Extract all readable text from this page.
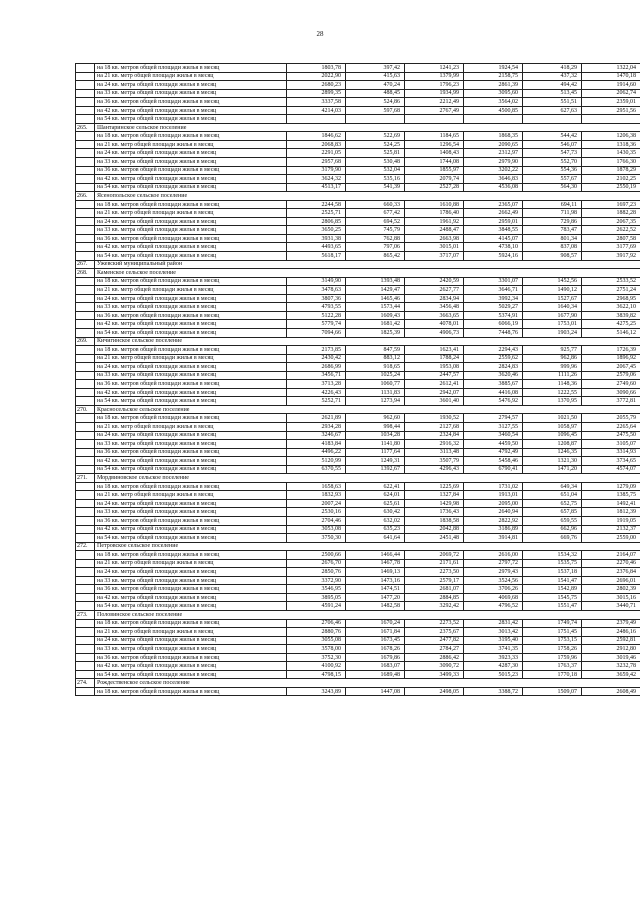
28
	на 18 кв. метров общей площади жилья в месяц	1803,78	397,42	1241,23	1924,54	418,29	1322,04
	на 21 кв. метр общей площади жилья в месяц	2022,90	415,63	1379,99	2158,75	437,32	1470,18
	на 24 кв. метра общей площади жилья в месяц	2680,23	470,24	1796,23	2861,39	494,42	1914,60
	на 33 кв. метра общей площади жилья в месяц	2899,35	488,45	1934,99	3095,60	513,45	2062,74
	на 36 кв. метров общей площади жилья в месяц	3337,58	524,86	2212,49	3564,02	551,51	2359,01
	на 42 кв. метра общей площади жилья в месяц	4214,03	597,68	2767,49	4500,85	627,63	2951,56
	на 54 кв. метра общей площади жилья в месяц						
265.	Шантаринское сельское поселение						
	на 18 кв. метров общей площади жилья в месяц	1846,62	522,69	1184,65	1868,35	544,42	1206,38
	на 21 кв. метр общей площади жилья в месяц	2068,83	524,25	1296,54	2090,65	546,07	1318,36
	на 24 кв. метра общей площади жилья в месяц	2291,05	525,81	1408,43	2312,97	547,73	1430,35
	на 33 кв. метра общей площади жилья в месяц	2957,68	530,48	1744,08	2979,90	552,70	1766,30
	на 36 кв. метров общей площади жилья в месяц	3179,90	532,04	1855,97	3202,22	554,36	1878,29
	на 42 кв. метра общей площади жилья в месяц	3624,32	535,16	2079,74	3646,83	557,67	2102,25
	на 54 кв. метра общей площади жилья в месяц	4513,17	541,39	2527,28	4536,08	564,30	2550,19
266.	Ясенопольское сельское поселение						
	на 18 кв. метров общей площади жилья в месяц	2244,58	660,33	1610,88	2365,07	694,11	1697,23
	на 21 кв. метр общей площади жилья в месяц	2525,71	677,42	1786,40	2662,49	711,98	1882,28
	на 24 кв. метра общей площади жилья в месяц	2806,85	694,52	1961,92	2959,01	729,86	2067,35
	на 33 кв. метра общей площади жилья в месяц	3650,25	745,79	2488,47	3848,55	783,47	2622,52
	на 36 кв. метров общей площади жилья в месяц	3931,38	762,88	2663,98	4145,07	801,34	2807,58
	на 42 кв. метра общей площади жилья в месяц	4493,65	797,06	3015,01	4738,10	837,08	3177,69
	на 54 кв. метра общей площади жилья в месяц	5618,17	865,42	3717,07	5924,16	908,57	3917,92
267.	Ужевский муниципальный район						
268.	Каменское сельское поселение						
	на 18 кв. метров общей площади жилья в месяц	3149,90	1393,48	2420,59	3301,07	1452,56	2533,52
	на 21 кв. метр общей площади жилья в месяц	3478,63	1429,47	2627,77	3646,71	1490,12	2751,24
	на 24 кв. метра общей площади жилья в месяц	3807,36	1465,46	2834,94	3992,34	1527,67	2968,95
	на 33 кв. метра общей площади жилья в месяц	4793,55	1573,44	3456,48	5029,27	1640,34	3622,10
	на 36 кв. метров общей площади жилья в месяц	5122,28	1609,43	3663,65	5374,91	1677,90	3839,82
	на 42 кв. метра общей площади жилья в месяц	5779,74	1681,42	4078,01	6066,19	1753,01	4275,25
	на 54 кв. метра общей площади жилья в месяц	7094,66	1825,39	4906,73	7448,76	1903,24	5146,12
269.	Кичигинское сельское поселение						
	на 18 кв. метров общей площади жилья в месяц	2173,85	847,59	1623,41	2294,43	925,77	1726,39
	на 21 кв. метр общей площади жилья в месяц	2430,42	883,12	1788,24	2559,62	962,86	1896,92
	на 24 кв. метра общей площади жилья в месяц	2686,99	918,65	1953,08	2824,83	999,96	2067,45
	на 33 кв. метра общей площади жилья в месяц	3456,71	1025,24	2447,57	3620,46	1111,26	2579,06
	на 36 кв. метров общей площади жилья в месяц	3713,28	1060,77	2612,41	3885,67	1148,36	2749,60
	на 42 кв. метра общей площади жилья в месяц	4226,43	1131,83	2942,07	4416,08	1222,55	3090,66
	на 54 кв. метра общей площади жилья в месяц	5252,71	1273,94	3601,40	5476,92	1370,95	3772,81
270.	Красносельское сельское поселение						
	на 18 кв. метров общей площади жилья в месяц	2621,89	962,60	1930,52	2794,57	1021,50	2055,79
	на 21 кв. метр общей площади жилья в месяц	2934,28	998,44	2127,68	3127,55	1058,97	2265,64
	на 24 кв. метра общей площади жилья в месяц	3246,67	1034,28	2324,84	3460,54	1096,45	2475,50
	на 33 кв. метра общей площади жилья в месяц	4183,84	1141,80	2916,32	4459,50	1208,87	3105,07
	на 36 кв. метров общей площади жилья в месяц	4496,22	1177,64	3113,48	4792,49	1246,35	3314,93
	на 42 кв. метра общей площади жилья в месяц	5120,99	1249,31	3507,79	5458,46	1321,30	3734,65
	на 54 кв. метра общей площади жилья в месяц	6370,55	1392,67	4296,43	6790,41	1471,20	4574,07
271.	Мордвиновское сельское поселение						
	на 18 кв. метров общей площади жилья в месяц	1658,63	622,41	1225,69	1731,02	649,34	1279,09
	на 21 кв. метр общей площади жилья в месяц	1832,93	624,01	1327,84	1913,01	651,04	1385,75
	на 24 кв. метра общей площади жилья в месяц	2007,24	625,61	1429,98	2095,00	652,75	1492,41
	на 33 кв. метра общей площади жилья в месяц	2530,16	630,42	1736,43	2640,94	657,85	1812,39
	на 36 кв. метров общей площади жилья в месяц	2704,46	632,02	1838,58	2822,92	659,55	1919,05
	на 42 кв. метра общей площади жилья в месяц	3053,08	635,23	2042,88	3186,89	662,96	2132,37
	на 54 кв. метра общей площади жилья в месяц	3750,30	641,64	2451,48	3914,81	669,76	2559,00
272.	Петровское сельское поселение						
	на 18 кв. метров общей площади жилья в месяц	2500,66	1466,44	2069,72	2616,00	1534,32	2164,07
	на 21 кв. метр общей площади жилья в месяц	2676,70	1467,78	2171,61	2797,72	1535,75	2270,46
	на 24 кв. метра общей площади жилья в месяц	2850,76	1469,13	2273,50	2979,43	1537,18	2376,84
	на 33 кв. метра общей площади жилья в месяц	3372,90	1473,16	2579,17	3524,56	1541,47	2696,01
	на 36 кв. метров общей площади жилья в месяц	3546,95	1474,51	2681,07	3706,26	1542,89	2802,39
	на 42 кв. метра общей площади жилья в месяц	3895,05	1477,20	2884,85	4069,68	1545,75	3015,16
	на 54 кв. метра общей площади жилья в месяц	4591,24	1482,58	3292,42	4796,52	1551,47	3440,71
273.	Половинское сельское поселение						
	на 18 кв. метров общей площади жилья в месяц	2706,46	1670,24	2273,52	2831,42	1749,74	2379,49
	на 21 кв. метр общей площади жилья в месяц	2880,76	1671,84	2375,67	3013,42	1751,45	2486,16
	на 24 кв. метра общей площади жилья в месяц	3055,08	1673,45	2477,82	3195,40	1753,15	2592,81
	на 33 кв. метра общей площади жилья в месяц	3578,00	1678,26	2784,27	3741,35	1758,26	2912,80
	на 36 кв. метров общей площади жилья в месяц	3752,30	1679,86	2886,42	3923,33	1759,96	3019,46
	на 42 кв. метра общей площади жилья в месяц	4100,92	1683,07	3090,72	4287,30	1763,37	3232,78
	на 54 кв. метра общей площади жилья в месяц	4798,15	1689,48	3499,33	5015,23	1770,18	3659,42
274.	Рождественское сельское поселение						
	на 18 кв. метров общей площади жилья в месяц	3243,89	1447,08	2498,05	3388,72	1509,07	2608,49
